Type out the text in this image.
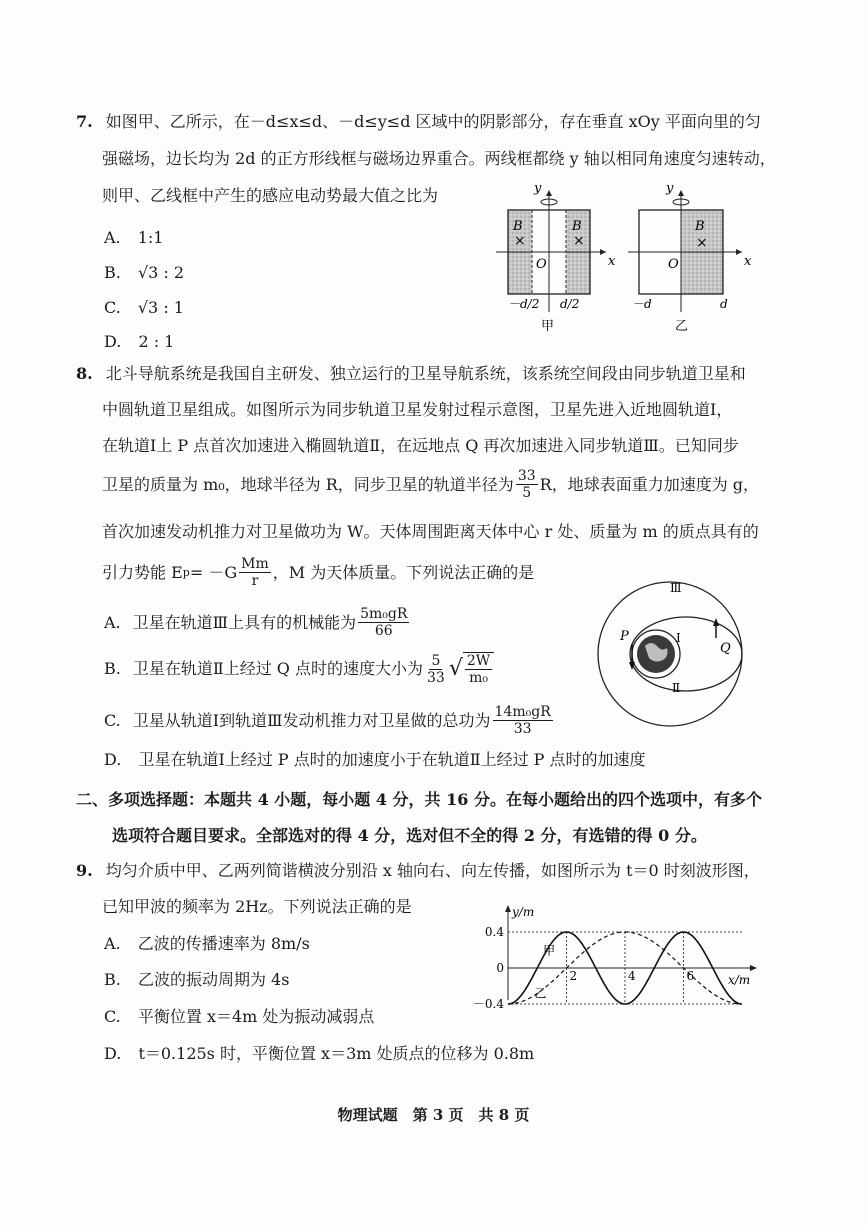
7. 如图甲、乙所示，在－d≤x≤d、－d≤y≤d 区域中的阴影部分，存在垂直 xOy 平面向里的匀
强磁场，边长均为 2d 的正方形线框与磁场边界重合。两线框都绕 y 轴以相同角速度匀速转动，
则甲、乙线框中产生的感应电动势最大值之比为
A. 1:1
B. √3 : 2
C. √3 : 1
D. 2 : 1
y
x
O
B
×
B
×
－d/2 d/2
甲
y
x
O
B
×
－d	d
乙
8. 北斗导航系统是我国自主研发、独立运行的卫星导航系统，该系统空间段由同步轨道卫星和
中圆轨道卫星组成。如图所示为同步轨道卫星发射过程示意图，卫星先进入近地圆轨道Ⅰ，
在轨道Ⅰ上 P 点首次加速进入椭圆轨道Ⅱ，在远地点 Q 再次加速进入同步轨道Ⅲ。已知同步
卫星的质量为 m₀，地球半径为 R，同步卫星的轨道半径为 $\frac{33}{5}$ R，地球表面重力加速度为 g，
首次加速发动机推力对卫星做功为 W。天体周围距离天体中心 r 处、质量为 m 的质点具有的
引力势能 E $p = -G \frac{Mm}{r}$ ，M 为天体质量。下列说法正确的是
A. 卫星在轨道Ⅲ上具有的机械能为 $\frac{\text{5m₀gR}}{66}$
B. 卫星在轨道Ⅱ上经过 Q 点时的速度大小为 $\frac{5}{33}$ √ $\frac{2W}{\text{m₀}}$
C. 卫星从轨道Ⅰ到轨道Ⅲ发动机推力对卫星做的总功为 $\frac{\text{14m₀gR}}{33}$
D. 卫星在轨道Ⅰ上经过 P 点时的加速度小于在轨道Ⅱ上经过 P 点时的加速度
Ⅲ
Ⅱ
Ⅰ
P
Q
二、多项选择题：本题共 4 小题，每小题 4 分，共 16 分。在每小题给出的四个选项中，有多个
选项符合题目要求。全部选对的得 4 分，选对但不全的得 2 分，有选错的得 0 分。
9. 均匀介质中甲、乙两列简谐横波分别沿 x 轴向右、向左传播，如图所示为 t＝0 时刻波形图，
已知甲波的频率为 2Hz。下列说法正确的是
A. 乙波的传播速率为 8m/s
B. 乙波的振动周期为 4s
C. 平衡位置 x＝4m 处为振动减弱点
D. t＝0.125s 时，平衡位置 x＝3m 处质点的位移为 0.8m
y/m
x/m
0.4
0
－0.4
2	4	6
甲
乙
物理试题　第 3 页　共 8 页
